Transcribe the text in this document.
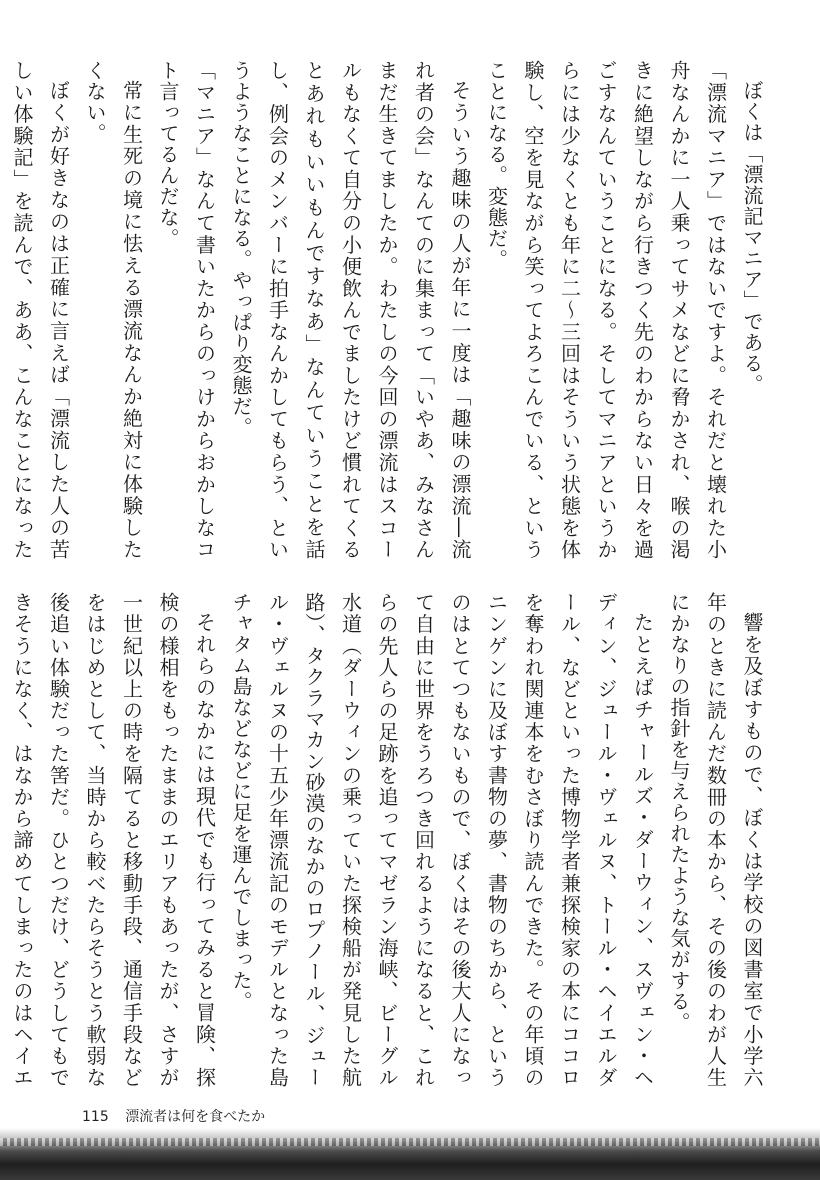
ぼくは「漂流記マニア」である。

「漂流マニア」ではないですよ。それだと壊れた小舟なんかに一人乗ってサメなどに脅かされ、喉の渇きに絶望しながら行きつく先のわからない日々を過ごすなんていうことになる。そしてマニアというからには少なくとも年に二〜三回はそういう状態を体験し、空を見ながら笑ってよろこんでいる、ということになる。変態だ。

そういう趣味の人が年に一度は「趣味の漂流―流れ者の会」なんてのに集まって「いやあ、みなさんまだ生きてましたか。わたしの今回の漂流はスコールもなくて自分の小便飲んでましたけど慣れてくるとあれもいいもんですなあ」なんていうことを話し、例会のメンバーに拍手なんかしてもらう、というようなことになる。やっぱり変態だ。

「マニア」なんて書いたからのっけからおかしなコト言ってるんだな。

常に生死の境に怯える漂流なんか絶対に体験したくない。

ぼくが好きなのは正確に言えば「漂流した人の苦しい体験記」を読んで、ああ、こんなことになった

響を及ぼすもので、ぼくは学校の図書室で小学六年のときに読んだ数冊の本から、その後のわが人生にかなりの指針を与えられたような気がする。

たとえばチャールズ・ダーウィン、スヴェン・ヘディン、ジュール・ヴェルヌ、トール・ヘイエルダール、などといった博物学者兼探検家の本にココロを奪われ関連本をむさぼり読んできた。その年頃のニンゲンに及ぼす書物の夢、書物のちから、というのはとてつもないもので、ぼくはその後大人になって自由に世界をうろつき回れるようになると、これらの先人らの足跡を追ってマゼラン海峡、ビーグル水道（ダーウィンの乗っていた探検船が発見した航路）、タクラマカン砂漠のなかのロプノール、ジュール・ヴェルヌの十五少年漂流記のモデルとなった島チャタム島などなどに足を運んでしまった。

それらのなかには現代でも行ってみると冒険、探検の様相をもったままのエリアもあったが、さすが一世紀以上の時を隔てると移動手段、通信手段などをはじめとして、当時から較べたらそうとう軟弱な後追い体験だった筈だ。ひとつだけ、どうしてもできそうになく、はなから諦めてしまったのはヘイエ

115 漂流者は何を食べたか
